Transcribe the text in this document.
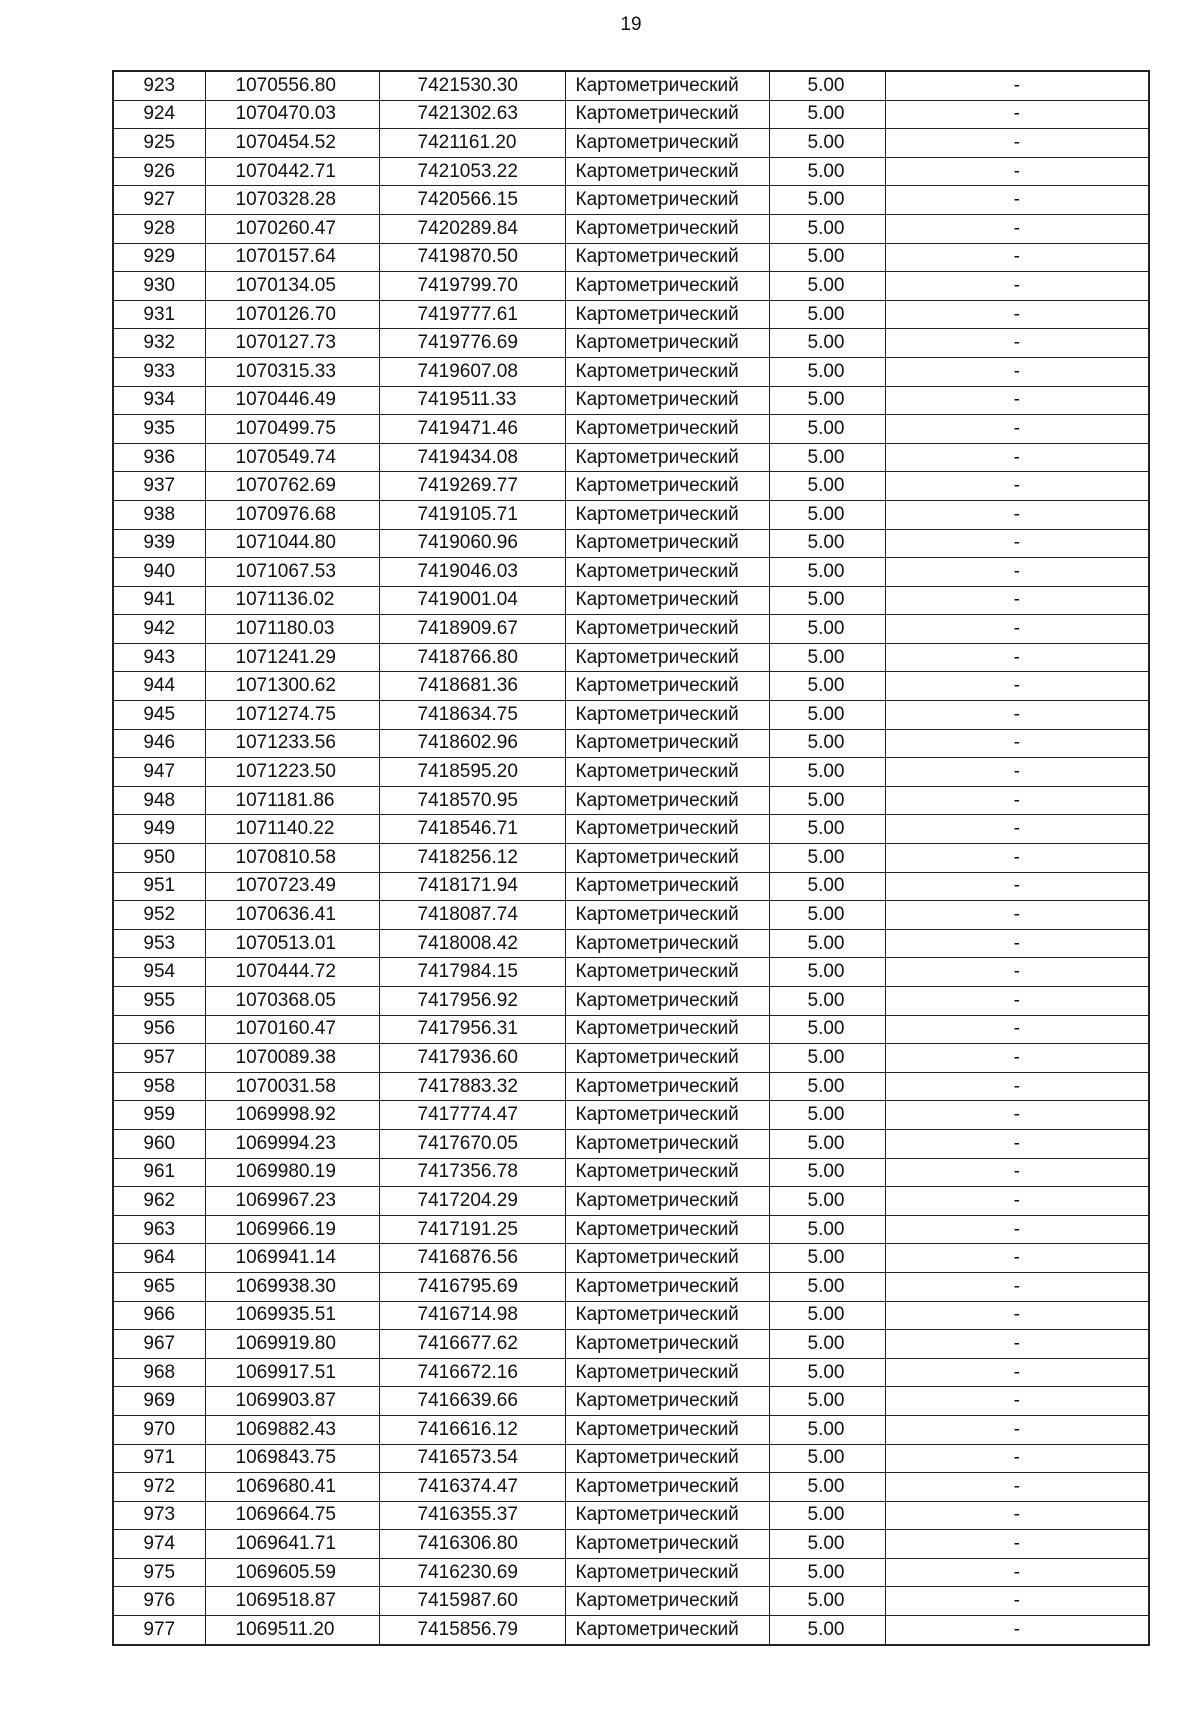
19
923	1070556.80	7421530.30	Картометрический	5.00	-
924	1070470.03	7421302.63	Картометрический	5.00	-
925	1070454.52	7421161.20	Картометрический	5.00	-
926	1070442.71	7421053.22	Картометрический	5.00	-
927	1070328.28	7420566.15	Картометрический	5.00	-
928	1070260.47	7420289.84	Картометрический	5.00	-
929	1070157.64	7419870.50	Картометрический	5.00	-
930	1070134.05	7419799.70	Картометрический	5.00	-
931	1070126.70	7419777.61	Картометрический	5.00	-
932	1070127.73	7419776.69	Картометрический	5.00	-
933	1070315.33	7419607.08	Картометрический	5.00	-
934	1070446.49	7419511.33	Картометрический	5.00	-
935	1070499.75	7419471.46	Картометрический	5.00	-
936	1070549.74	7419434.08	Картометрический	5.00	-
937	1070762.69	7419269.77	Картометрический	5.00	-
938	1070976.68	7419105.71	Картометрический	5.00	-
939	1071044.80	7419060.96	Картометрический	5.00	-
940	1071067.53	7419046.03	Картометрический	5.00	-
941	1071136.02	7419001.04	Картометрический	5.00	-
942	1071180.03	7418909.67	Картометрический	5.00	-
943	1071241.29	7418766.80	Картометрический	5.00	-
944	1071300.62	7418681.36	Картометрический	5.00	-
945	1071274.75	7418634.75	Картометрический	5.00	-
946	1071233.56	7418602.96	Картометрический	5.00	-
947	1071223.50	7418595.20	Картометрический	5.00	-
948	1071181.86	7418570.95	Картометрический	5.00	-
949	1071140.22	7418546.71	Картометрический	5.00	-
950	1070810.58	7418256.12	Картометрический	5.00	-
951	1070723.49	7418171.94	Картометрический	5.00	-
952	1070636.41	7418087.74	Картометрический	5.00	-
953	1070513.01	7418008.42	Картометрический	5.00	-
954	1070444.72	7417984.15	Картометрический	5.00	-
955	1070368.05	7417956.92	Картометрический	5.00	-
956	1070160.47	7417956.31	Картометрический	5.00	-
957	1070089.38	7417936.60	Картометрический	5.00	-
958	1070031.58	7417883.32	Картометрический	5.00	-
959	1069998.92	7417774.47	Картометрический	5.00	-
960	1069994.23	7417670.05	Картометрический	5.00	-
961	1069980.19	7417356.78	Картометрический	5.00	-
962	1069967.23	7417204.29	Картометрический	5.00	-
963	1069966.19	7417191.25	Картометрический	5.00	-
964	1069941.14	7416876.56	Картометрический	5.00	-
965	1069938.30	7416795.69	Картометрический	5.00	-
966	1069935.51	7416714.98	Картометрический	5.00	-
967	1069919.80	7416677.62	Картометрический	5.00	-
968	1069917.51	7416672.16	Картометрический	5.00	-
969	1069903.87	7416639.66	Картометрический	5.00	-
970	1069882.43	7416616.12	Картометрический	5.00	-
971	1069843.75	7416573.54	Картометрический	5.00	-
972	1069680.41	7416374.47	Картометрический	5.00	-
973	1069664.75	7416355.37	Картометрический	5.00	-
974	1069641.71	7416306.80	Картометрический	5.00	-
975	1069605.59	7416230.69	Картометрический	5.00	-
976	1069518.87	7415987.60	Картометрический	5.00	-
977	1069511.20	7415856.79	Картометрический	5.00	-
